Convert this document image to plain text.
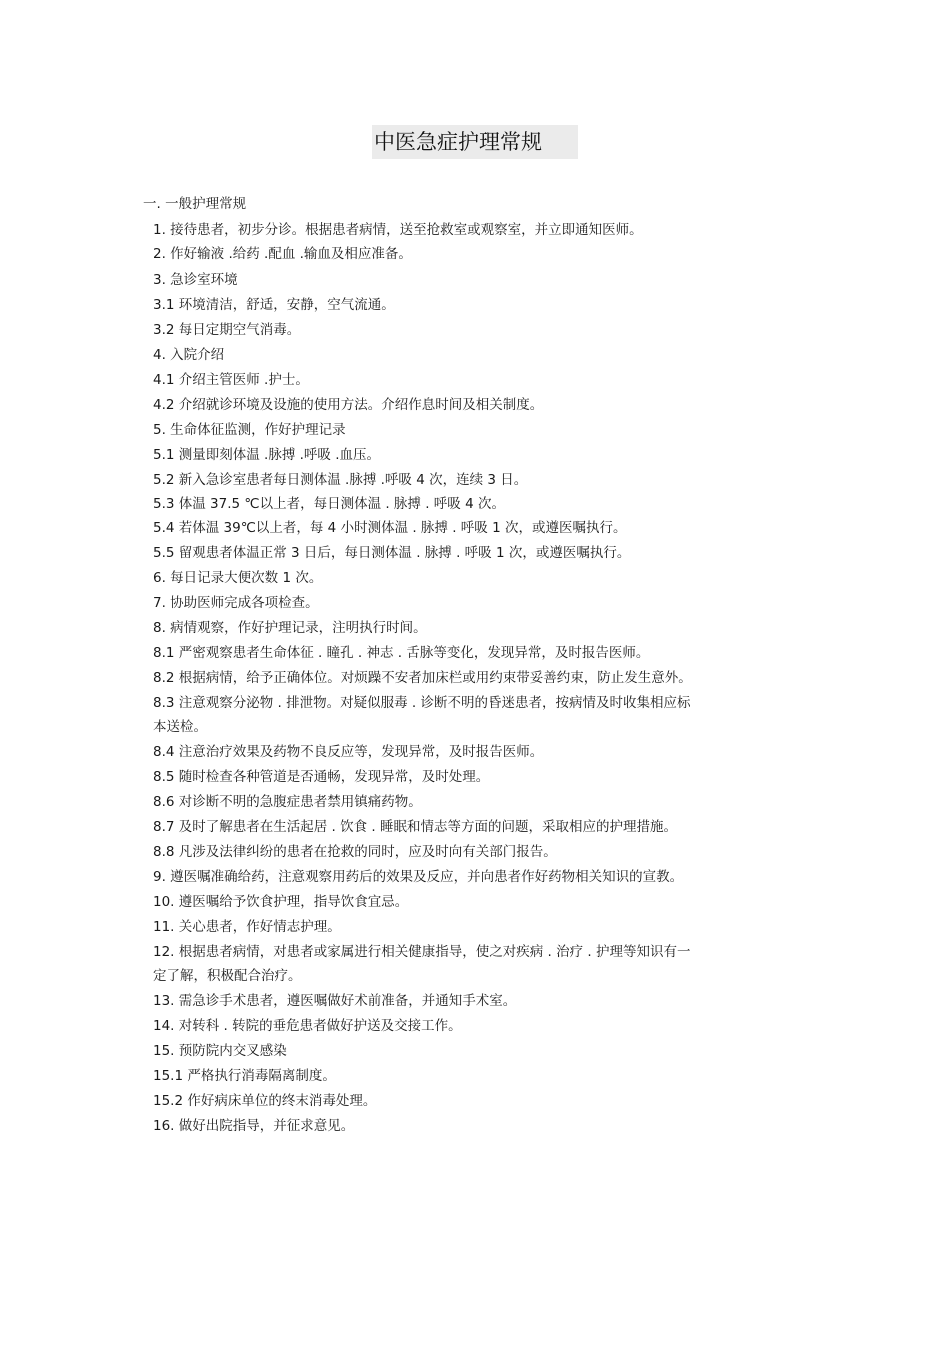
中医急症护理常规
一. 一般护理常规
1. 接待患者，初步分诊。根据患者病情，送至抢救室或观察室，并立即通知医师。
2. 作好输液 .给药 .配血 .输血及相应准备。
3. 急诊室环境
3.1 环境清洁，舒适，安静，空气流通。
3.2 每日定期空气消毒。
4. 入院介绍
4.1 介绍主管医师 .护士。
4.2 介绍就诊环境及设施的使用方法。介绍作息时间及相关制度。
5. 生命体征监测，作好护理记录
5.1 测量即刻体温 .脉搏 .呼吸 .血压。
5.2 新入急诊室患者每日测体温 .脉搏 .呼吸 4 次，连续 3 日。
5.3 体温 37.5 ℃以上者，每日测体温 . 脉搏 . 呼吸 4 次。
5.4 若体温 39℃以上者，每 4 小时测体温 . 脉搏 . 呼吸 1 次，或遵医嘱执行。
5.5 留观患者体温正常 3 日后，每日测体温 . 脉搏 . 呼吸 1 次，或遵医嘱执行。
6. 每日记录大便次数 1 次。
7. 协助医师完成各项检查。
8. 病情观察，作好护理记录，注明执行时间。
8.1 严密观察患者生命体征 . 瞳孔 . 神志 . 舌脉等变化，发现异常，及时报告医师。
8.2 根据病情，给予正确体位。对烦躁不安者加床栏或用约束带妥善约束，防止发生意外。
8.3 注意观察分泌物 . 排泄物。对疑似服毒 . 诊断不明的昏迷患者，按病情及时收集相应标
本送检。
8.4 注意治疗效果及药物不良反应等，发现异常，及时报告医师。
8.5 随时检查各种管道是否通畅，发现异常，及时处理。
8.6 对诊断不明的急腹症患者禁用镇痛药物。
8.7 及时了解患者在生活起居 . 饮食 . 睡眠和情志等方面的问题，采取相应的护理措施。
8.8 凡涉及法律纠纷的患者在抢救的同时，应及时向有关部门报告。
9. 遵医嘱准确给药，注意观察用药后的效果及反应，并向患者作好药物相关知识的宣教。
10. 遵医嘱给予饮食护理，指导饮食宜忌。
11. 关心患者，作好情志护理。
12. 根据患者病情，对患者或家属进行相关健康指导，使之对疾病 . 治疗 . 护理等知识有一
定了解，积极配合治疗。
13. 需急诊手术患者，遵医嘱做好术前准备，并通知手术室。
14. 对转科 . 转院的垂危患者做好护送及交接工作。
15. 预防院内交叉感染
15.1 严格执行消毒隔离制度。
15.2 作好病床单位的终末消毒处理。
16. 做好出院指导，并征求意见。
